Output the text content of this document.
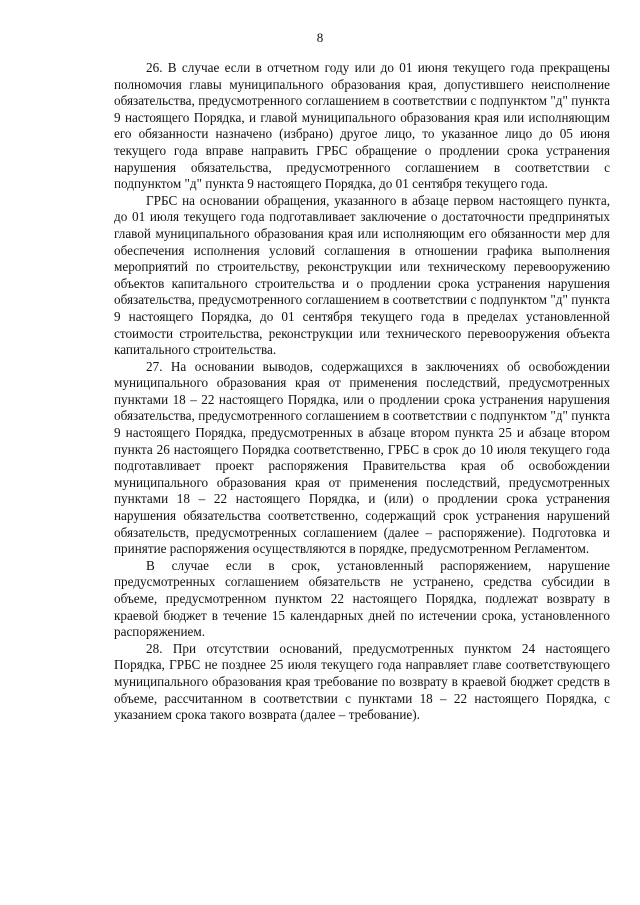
8

26. В случае если в отчетном году или до 01 июня текущего года прекращены полномочия главы муниципального образования края, допустившего неисполнение обязательства, предусмотренного соглашением в соответствии с подпунктом "д" пункта 9 настоящего Порядка, и главой муниципального образования края или исполняющим его обязанности назначено (избрано) другое лицо, то указанное лицо до 05 июня текущего года вправе направить ГРБС обращение о продлении срока устранения нарушения обязательства, предусмотренного соглашением в соответствии с подпунктом "д" пункта 9 настоящего Порядка, до 01 сентября текущего года.

ГРБС на основании обращения, указанного в абзаце первом настоящего пункта, до 01 июля текущего года подготавливает заключение о достаточности предпринятых главой муниципального образования края или исполняющим его обязанности мер для обеспечения исполнения условий соглашения в отношении графика выполнения мероприятий по строительству, реконструкции или техническому перевооружению объектов капитального строительства и о продлении срока устранения нарушения обязательства, предусмотренного соглашением в соответствии с подпунктом "д" пункта 9 настоящего Порядка, до 01 сентября текущего года в пределах установленной стоимости строительства, реконструкции или технического перевооружения объекта капитального строительства.

27. На основании выводов, содержащихся в заключениях об освобождении муниципального образования края от применения последствий, предусмотренных пунктами 18 – 22 настоящего Порядка, или о продлении срока устранения нарушения обязательства, предусмотренного соглашением в соответствии с подпунктом "д" пункта 9 настоящего Порядка, предусмотренных в абзаце втором пункта 25 и абзаце втором пункта 26 настоящего Порядка соответственно, ГРБС в срок до 10 июля текущего года подготавливает проект распоряжения Правительства края об освобождении муниципального образования края от применения последствий, предусмотренных пунктами 18 – 22 настоящего Порядка, и (или) о продлении срока устранения нарушения обязательства соответственно, содержащий срок устранения нарушений обязательств, предусмотренных соглашением (далее – распоряжение). Подготовка и принятие распоряжения осуществляются в порядке, предусмотренном Регламентом.

В случае если в срок, установленный распоряжением, нарушение предусмотренных соглашением обязательств не устранено, средства субсидии в объеме, предусмотренном пунктом 22 настоящего Порядка, подлежат возврату в краевой бюджет в течение 15 календарных дней по истечении срока, установленного распоряжением.

28. При отсутствии оснований, предусмотренных пунктом 24 настоящего Порядка, ГРБС не позднее 25 июля текущего года направляет главе соответствующего муниципального образования края требование по возврату в краевой бюджет средств в объеме, рассчитанном в соответствии с пунктами 18 – 22 настоящего Порядка, с указанием срока такого возврата (далее – требование).
